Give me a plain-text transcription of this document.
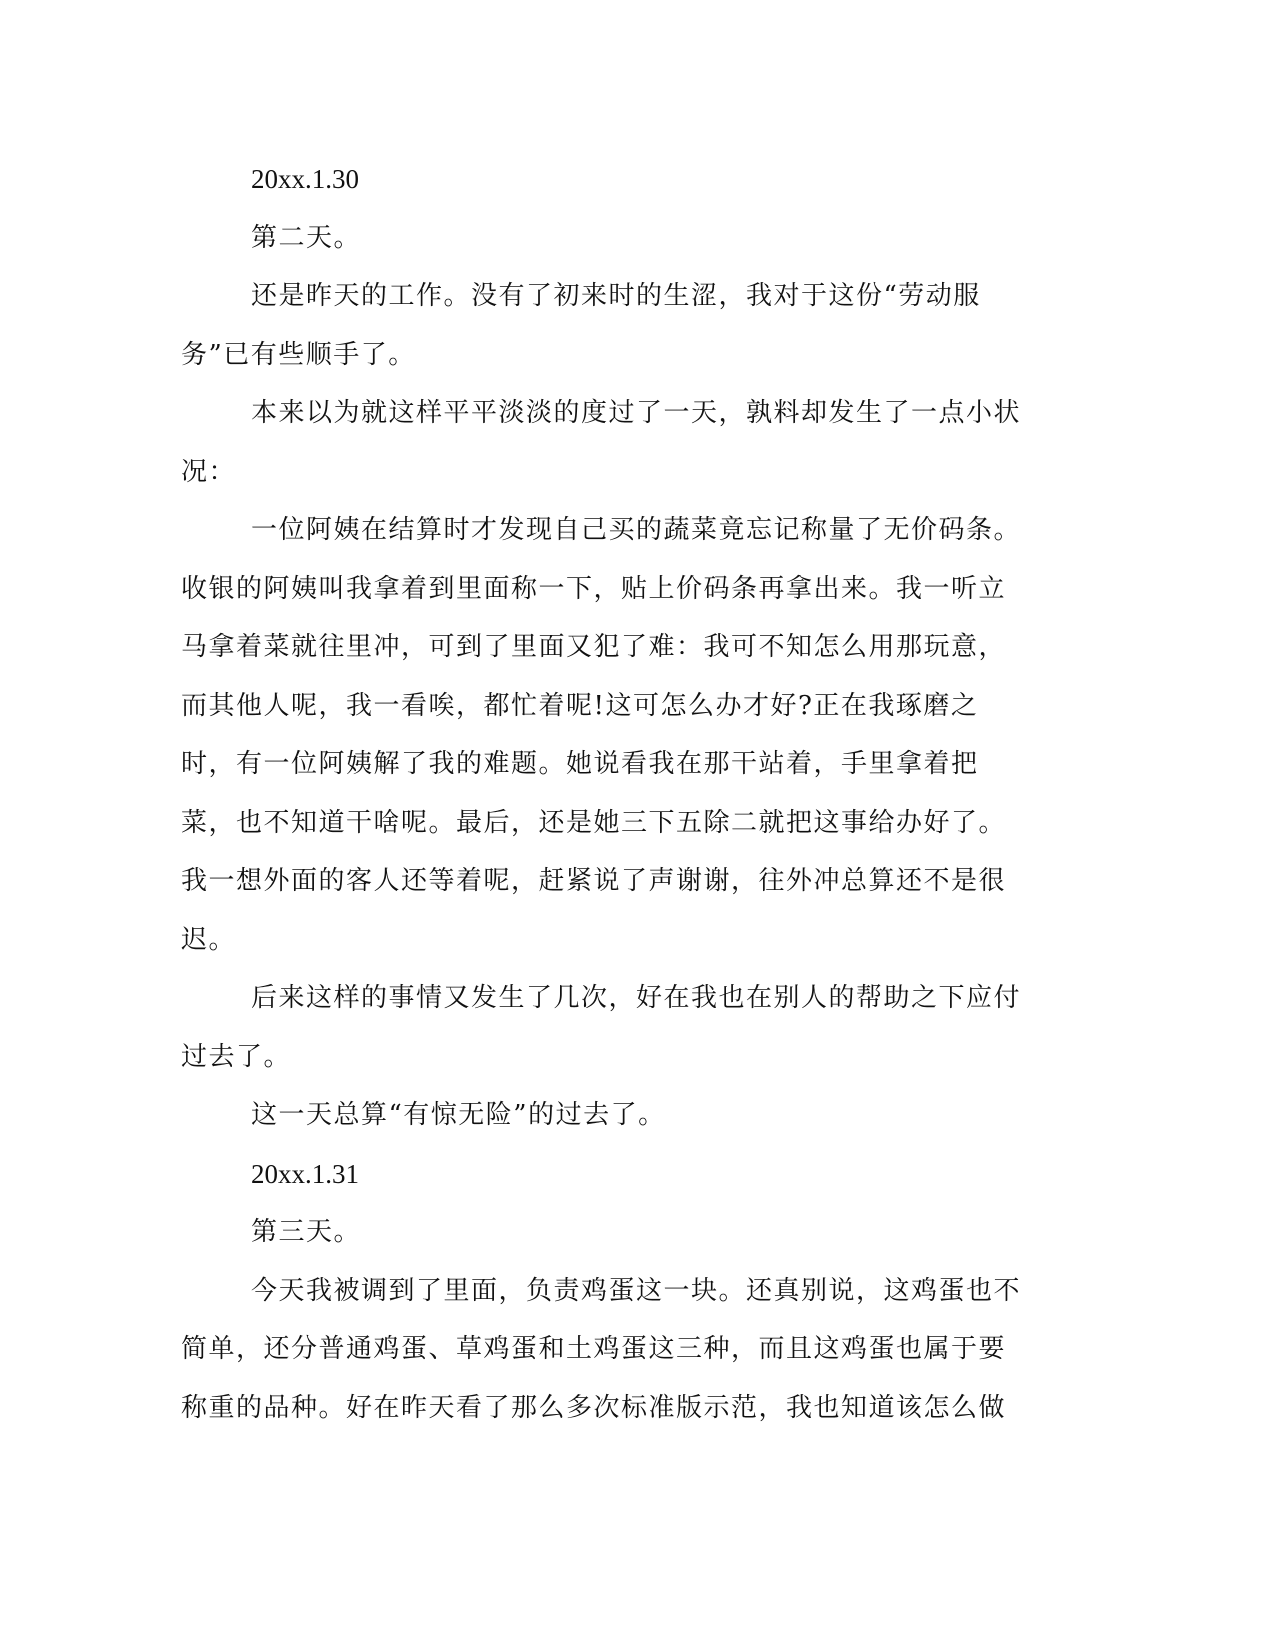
20xx.1.30

第二天。

还是昨天的工作。没有了初来时的生涩，我对于这份“劳动服务”已有些顺手了。

本来以为就这样平平淡淡的度过了一天，孰料却发生了一点小状况：

一位阿姨在结算时才发现自己买的蔬菜竟忘记称量了无价码条。收银的阿姨叫我拿着到里面称一下，贴上价码条再拿出来。我一听立马拿着菜就往里冲，可到了里面又犯了难：我可不知怎么用那玩意，而其他人呢，我一看唉，都忙着呢!这可怎么办才好?正在我琢磨之时，有一位阿姨解了我的难题。她说看我在那干站着，手里拿着把菜，也不知道干啥呢。最后，还是她三下五除二就把这事给办好了。我一想外面的客人还等着呢，赶紧说了声谢谢，往外冲总算还不是很迟。

后来这样的事情又发生了几次，好在我也在别人的帮助之下应付过去了。

这一天总算“有惊无险”的过去了。

20xx.1.31

第三天。

今天我被调到了里面，负责鸡蛋这一块。还真别说，这鸡蛋也不简单，还分普通鸡蛋、草鸡蛋和土鸡蛋这三种，而且这鸡蛋也属于要称重的品种。好在昨天看了那么多次标准版示范，我也知道该怎么做
